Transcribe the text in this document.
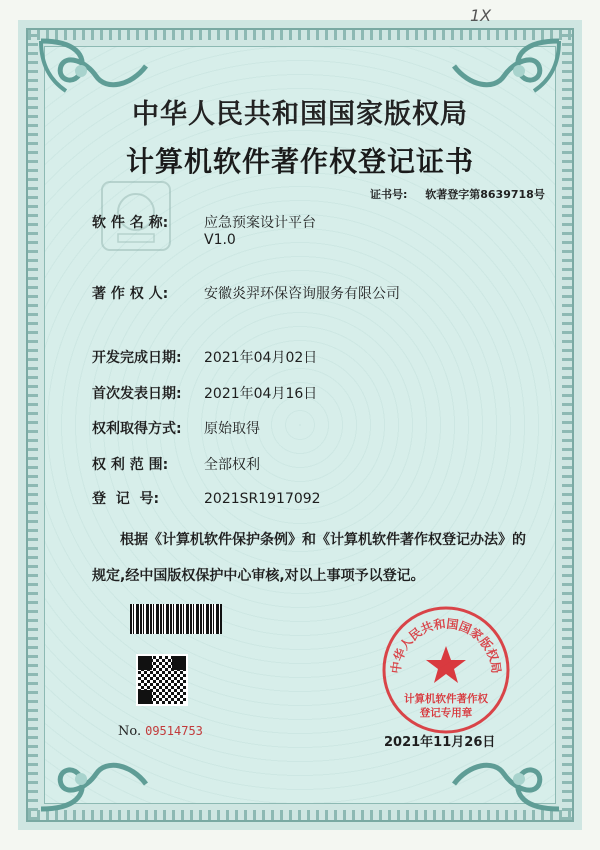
1X
中华人民共和国国家版权局
计算机软件著作权登记证书
证书号: 软著登字第8639718号
软 件 名 称:	应急预案设计平台
V1.0
著 作 权 人:	安徽炎羿环保咨询服务有限公司
开发完成日期: 2021年04月02日
首次发表日期: 2021年04月16日
权利取得方式: 原始取得
权 利 范 围:	全部权利
登  记  号:	2021SR1917092
根据《计算机软件保护条例》和《计算机软件著作权登记办法》的
规定,经中国版权保护中心审核,对以上事项予以登记。
No. 09514753
中华人民共和国国家版权局
计算机软件著作权
登记专用章
2021年11月26日
